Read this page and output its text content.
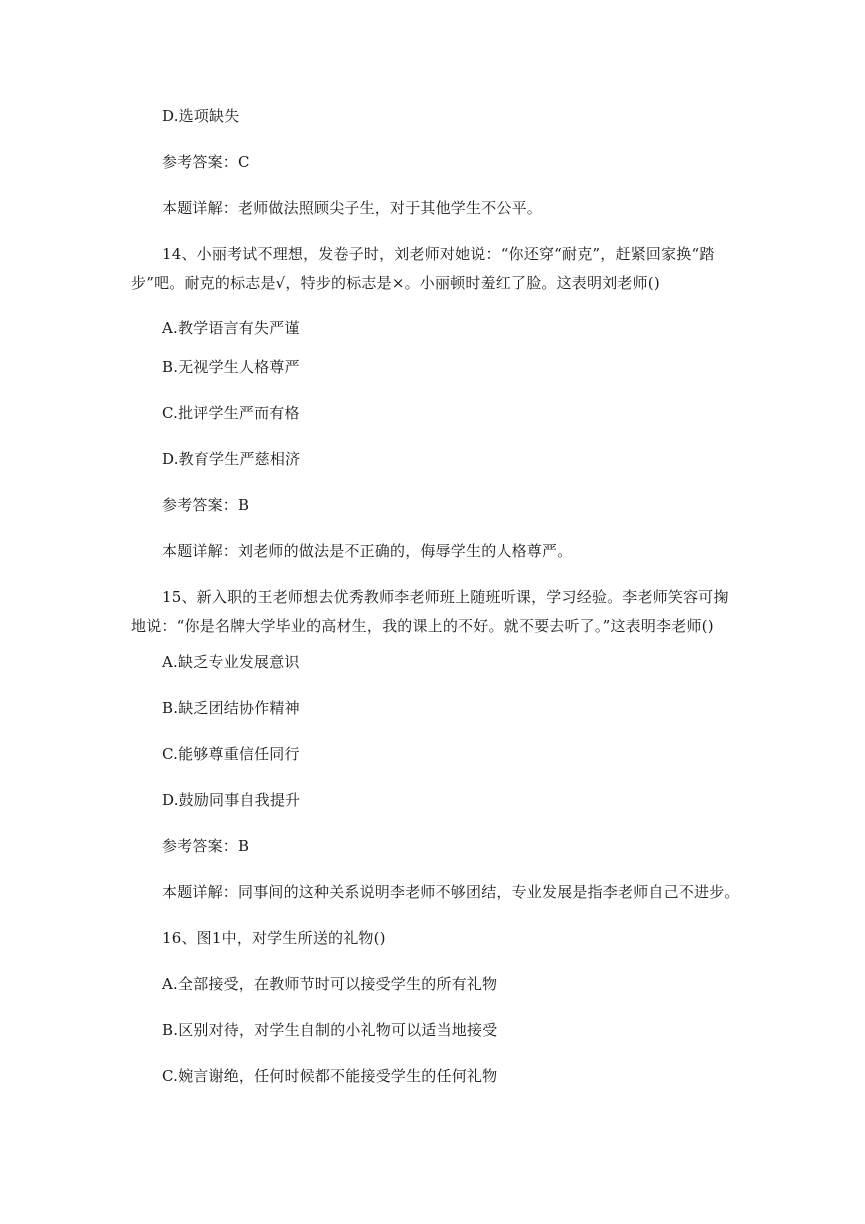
D.选项缺失
参考答案：C
本题详解：老师做法照顾尖子生，对于其他学生不公平。
14、小丽考试不理想，发卷子时，刘老师对她说：“你还穿“耐克”，赶紧回家换“踏步”吧。耐克的标志是√，特步的标志是×。小丽顿时羞红了脸。这表明刘老师()
A.教学语言有失严谨
B.无视学生人格尊严
C.批评学生严而有格
D.教育学生严慈相济
参考答案：B
本题详解：刘老师的做法是不正确的，侮辱学生的人格尊严。
15、新入职的王老师想去优秀教师李老师班上随班听课，学习经验。李老师笑容可掬地说：“你是名牌大学毕业的高材生，我的课上的不好。就不要去听了。”这表明李老师()
A.缺乏专业发展意识
B.缺乏团结协作精神
C.能够尊重信任同行
D.鼓励同事自我提升
参考答案：B
本题详解：同事间的这种关系说明李老师不够团结，专业发展是指李老师自己不进步。
16、图1中，对学生所送的礼物()
A.全部接受，在教师节时可以接受学生的所有礼物
B.区别对待，对学生自制的小礼物可以适当地接受
C.婉言谢绝，任何时候都不能接受学生的任何礼物
